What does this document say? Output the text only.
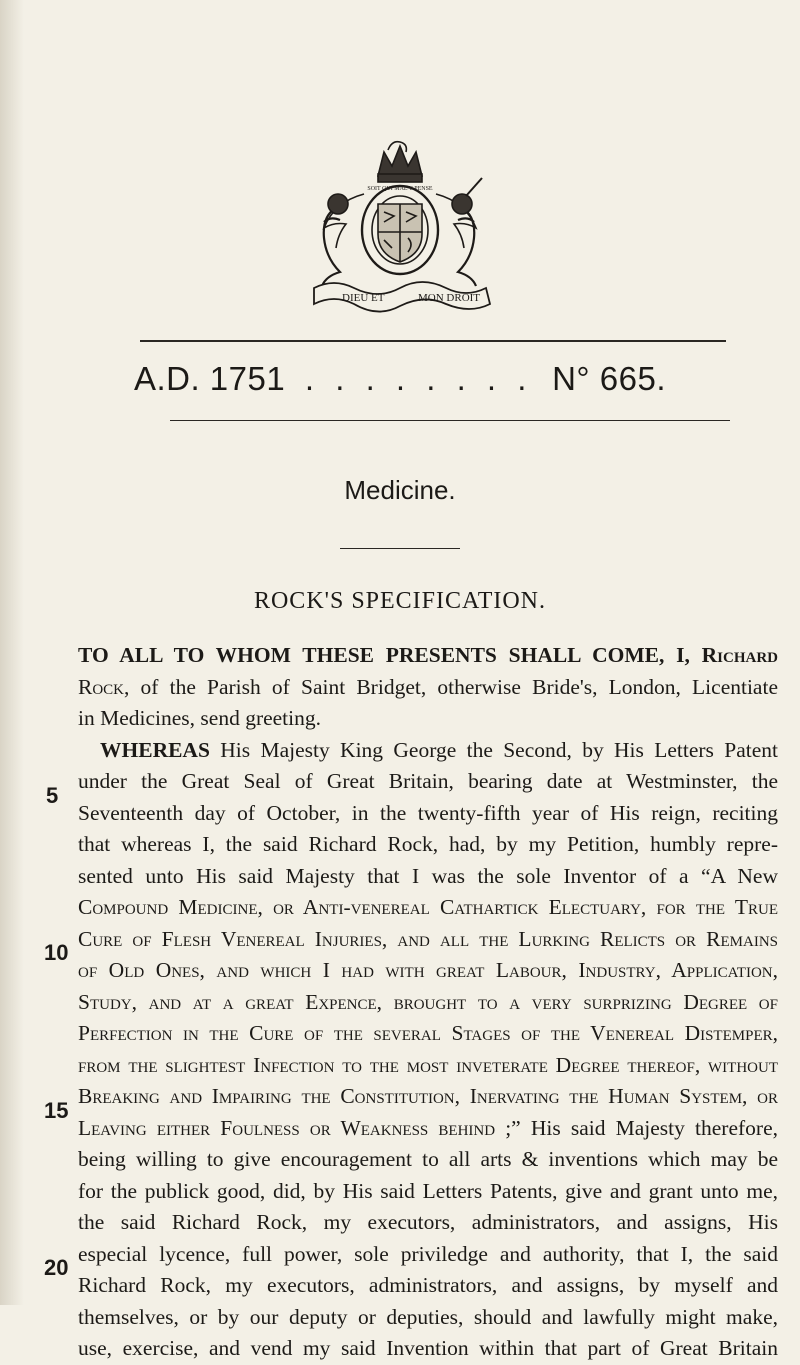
DIEU ET	MON DROIT
SOIT QUI MAL Y PENSE
A.D. 1751 . . . . . . . . N° 665.
Medicine.
ROCK'S SPECIFICATION.
5
10
15
20
TO ALL TO WHOM THESE PRESENTS SHALL COME, I, Richard
Rock, of the Parish of Saint Bridget, otherwise Bride's, London, Licentiate
in Medicines, send greeting.
WHEREAS His Majesty King George the Second, by His Letters Patent
under the Great Seal of Great Britain, bearing date at Westminster, the
Seventeenth day of October, in the twenty-fifth year of His reign, reciting
that whereas I, the said Richard Rock, had, by my Petition, humbly repre-
sented unto His said Majesty that I was the sole Inventor of a “A New
Compound Medicine, or Anti-venereal Cathartick Electuary, for the True
Cure of Flesh Venereal Injuries, and all the Lurking Relicts or Remains
of Old Ones, and which I had with great Labour, Industry, Application,
Study, and at a great Expence, brought to a very surprizing Degree of
Perfection in the Cure of the several Stages of the Venereal Distemper,
from the slightest Infection to the most inveterate Degree thereof, without
Breaking and Impairing the Constitution, Inervating the Human System, or
Leaving either Foulness or Weakness behind ;” His said Majesty therefore,
being willing to give encouragement to all arts & inventions which may be
for the publick good, did, by His said Letters Patents, give and grant unto me,
the said Richard Rock, my executors, administrators, and assigns, His
especial lycence, full power, sole priviledge and authority, that I, the said
Richard Rock, my executors, administrators, and assigns, by myself and
themselves, or by our deputy or deputies, should and lawfully might make,
use, exercise, and vend my said Invention within that part of Great Britain
